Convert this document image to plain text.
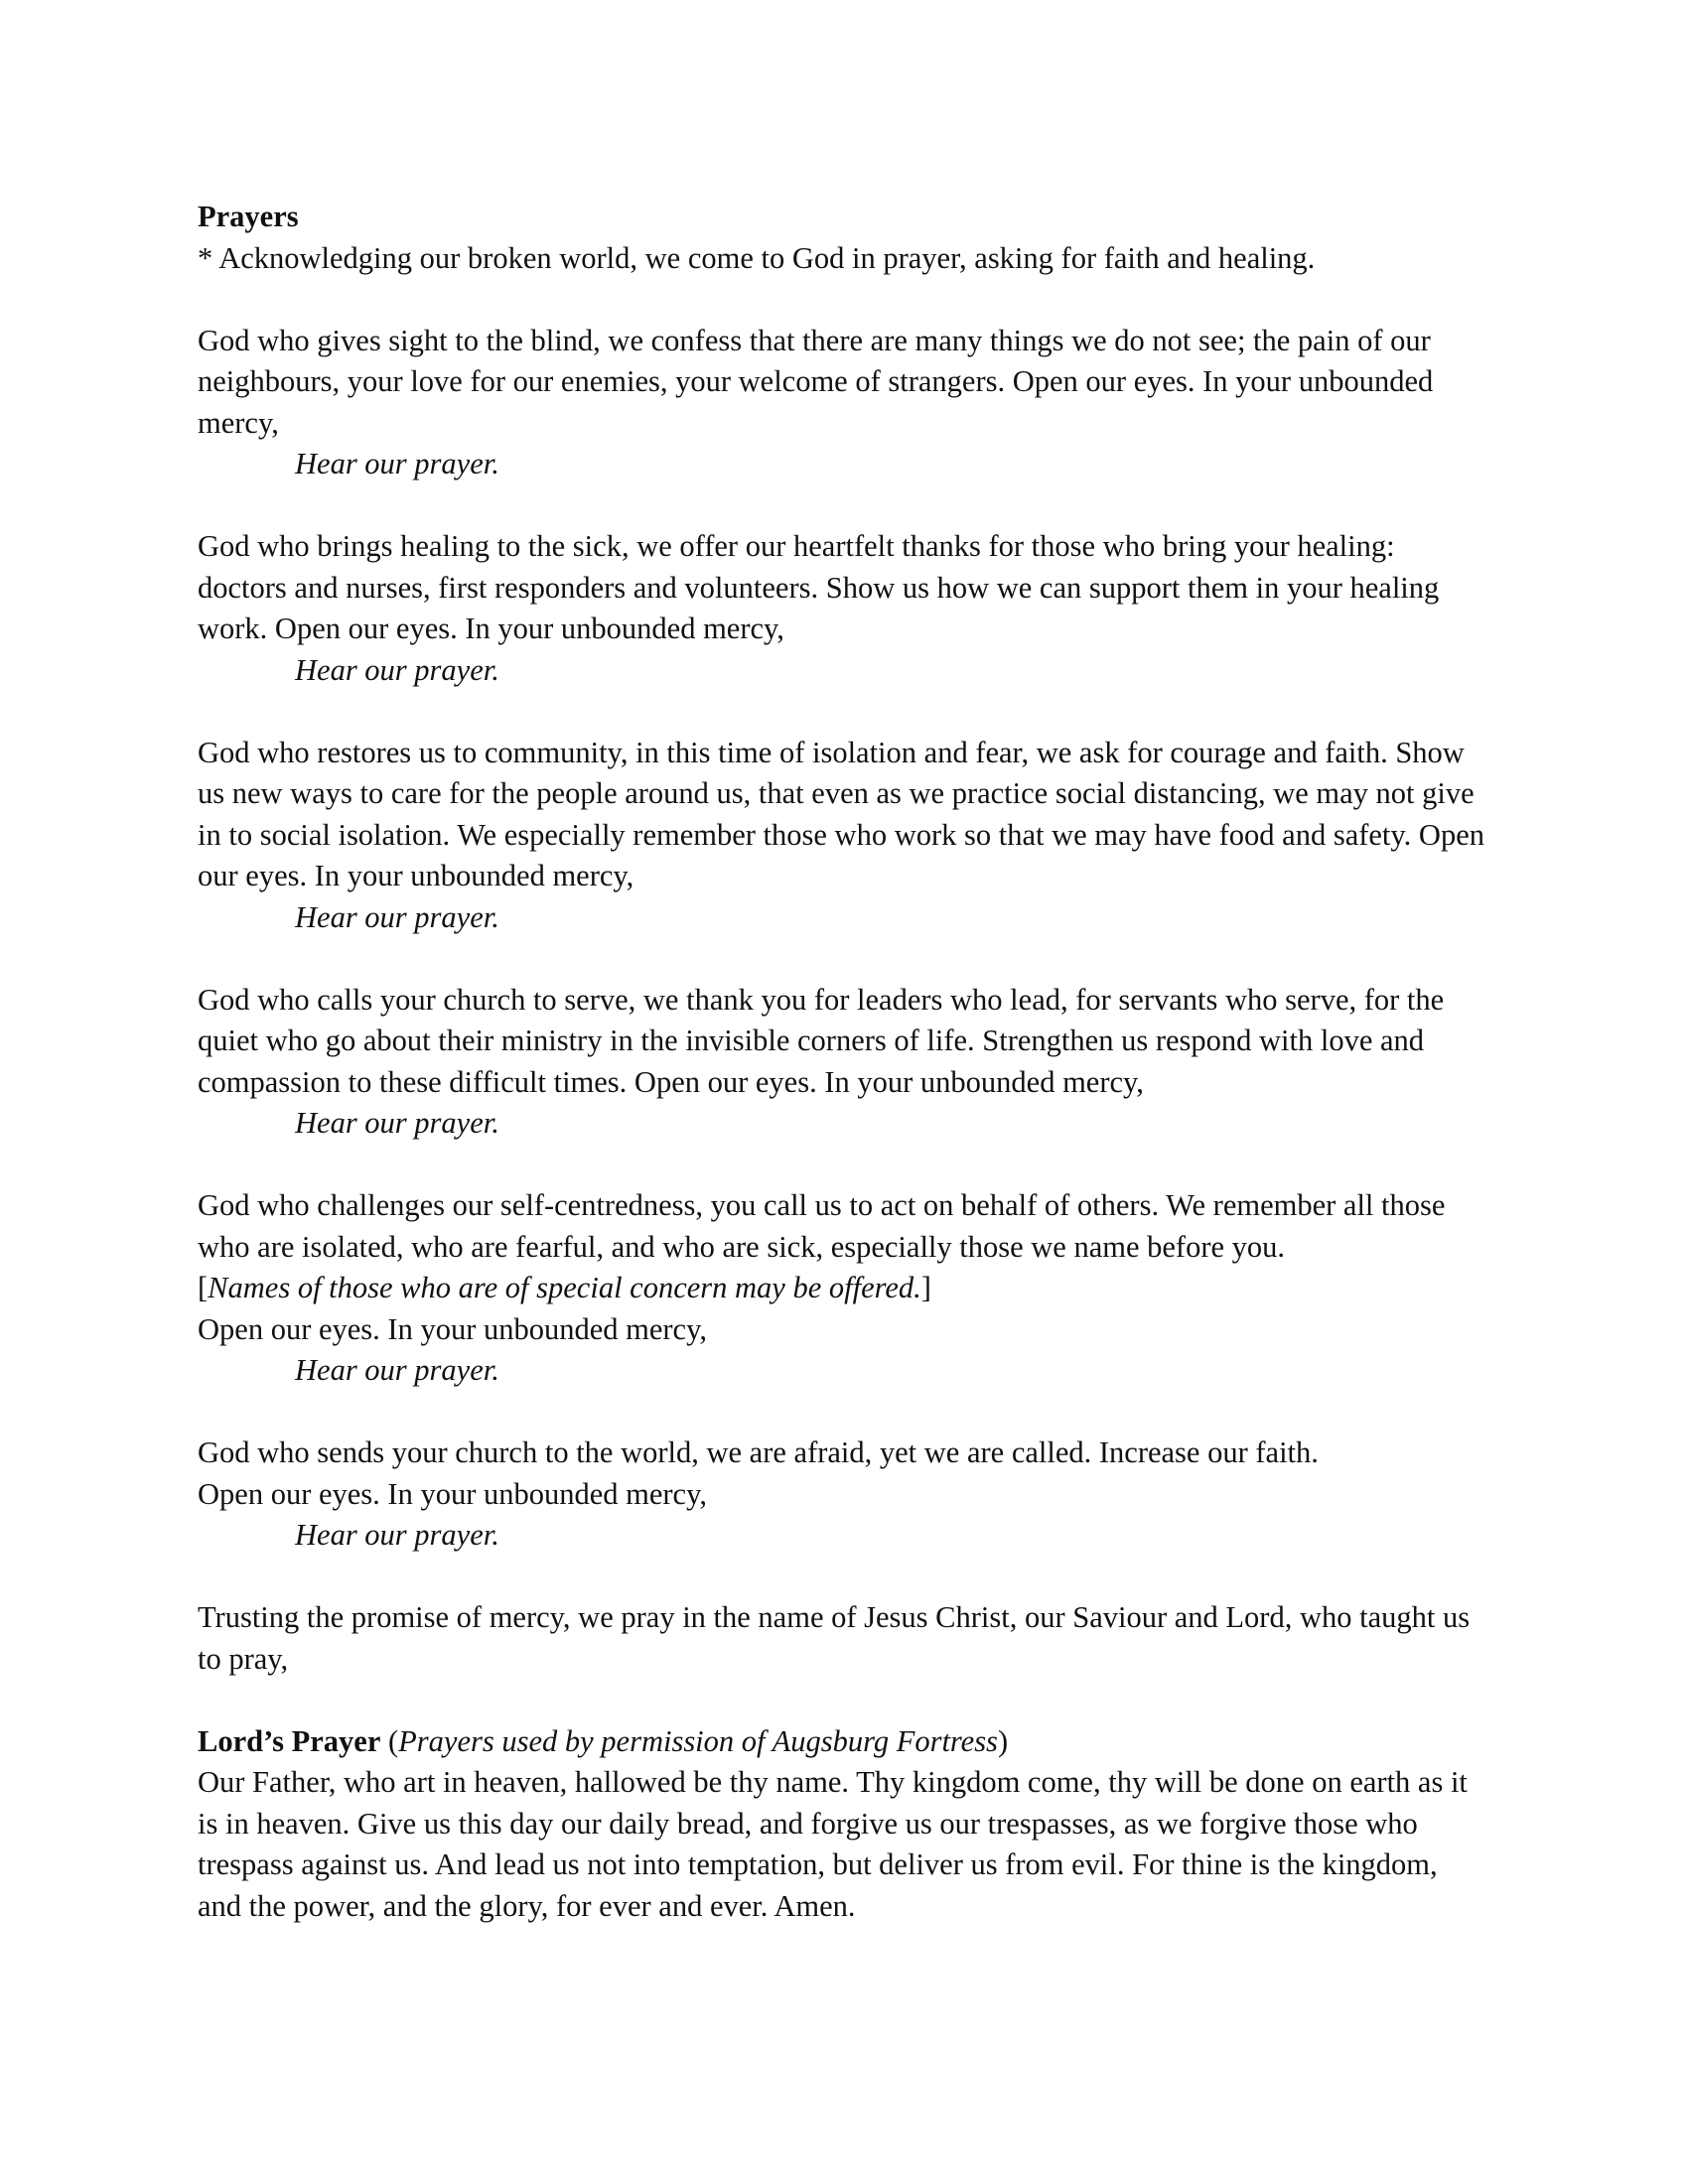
Prayers

* Acknowledging our broken world, we come to God in prayer, asking for faith and healing.

God who gives sight to the blind, we confess that there are many things we do not see; the pain of our neighbours, your love for our enemies, your welcome of strangers. Open our eyes. In your unbounded mercy,

Hear our prayer.

God who brings healing to the sick, we offer our heartfelt thanks for those who bring your healing: doctors and nurses, first responders and volunteers. Show us how we can support them in your healing work. Open our eyes. In your unbounded mercy,

Hear our prayer.

God who restores us to community, in this time of isolation and fear, we ask for courage and faith. Show us new ways to care for the people around us, that even as we practice social distancing, we may not give in to social isolation. We especially remember those who work so that we may have food and safety. Open our eyes. In your unbounded mercy,

Hear our prayer.

God who calls your church to serve, we thank you for leaders who lead, for servants who serve, for the quiet who go about their ministry in the invisible corners of life. Strengthen us respond with love and compassion to these difficult times. Open our eyes. In your unbounded mercy,

Hear our prayer.

God who challenges our self-centredness, you call us to act on behalf of others. We remember all those who are isolated, who are fearful, and who are sick, especially those we name before you.

[Names of those who are of special concern may be offered.]

Open our eyes. In your unbounded mercy,

Hear our prayer.

God who sends your church to the world, we are afraid, yet we are called. Increase our faith.

Open our eyes. In your unbounded mercy,

Hear our prayer.

Trusting the promise of mercy, we pray in the name of Jesus Christ, our Saviour and Lord, who taught us to pray,

Lord’s Prayer (Prayers used by permission of Augsburg Fortress)

Our Father, who art in heaven, hallowed be thy name. Thy kingdom come, thy will be done on earth as it is in heaven. Give us this day our daily bread, and forgive us our trespasses, as we forgive those who trespass against us. And lead us not into temptation, but deliver us from evil. For thine is the kingdom, and the power, and the glory, for ever and ever. Amen.
